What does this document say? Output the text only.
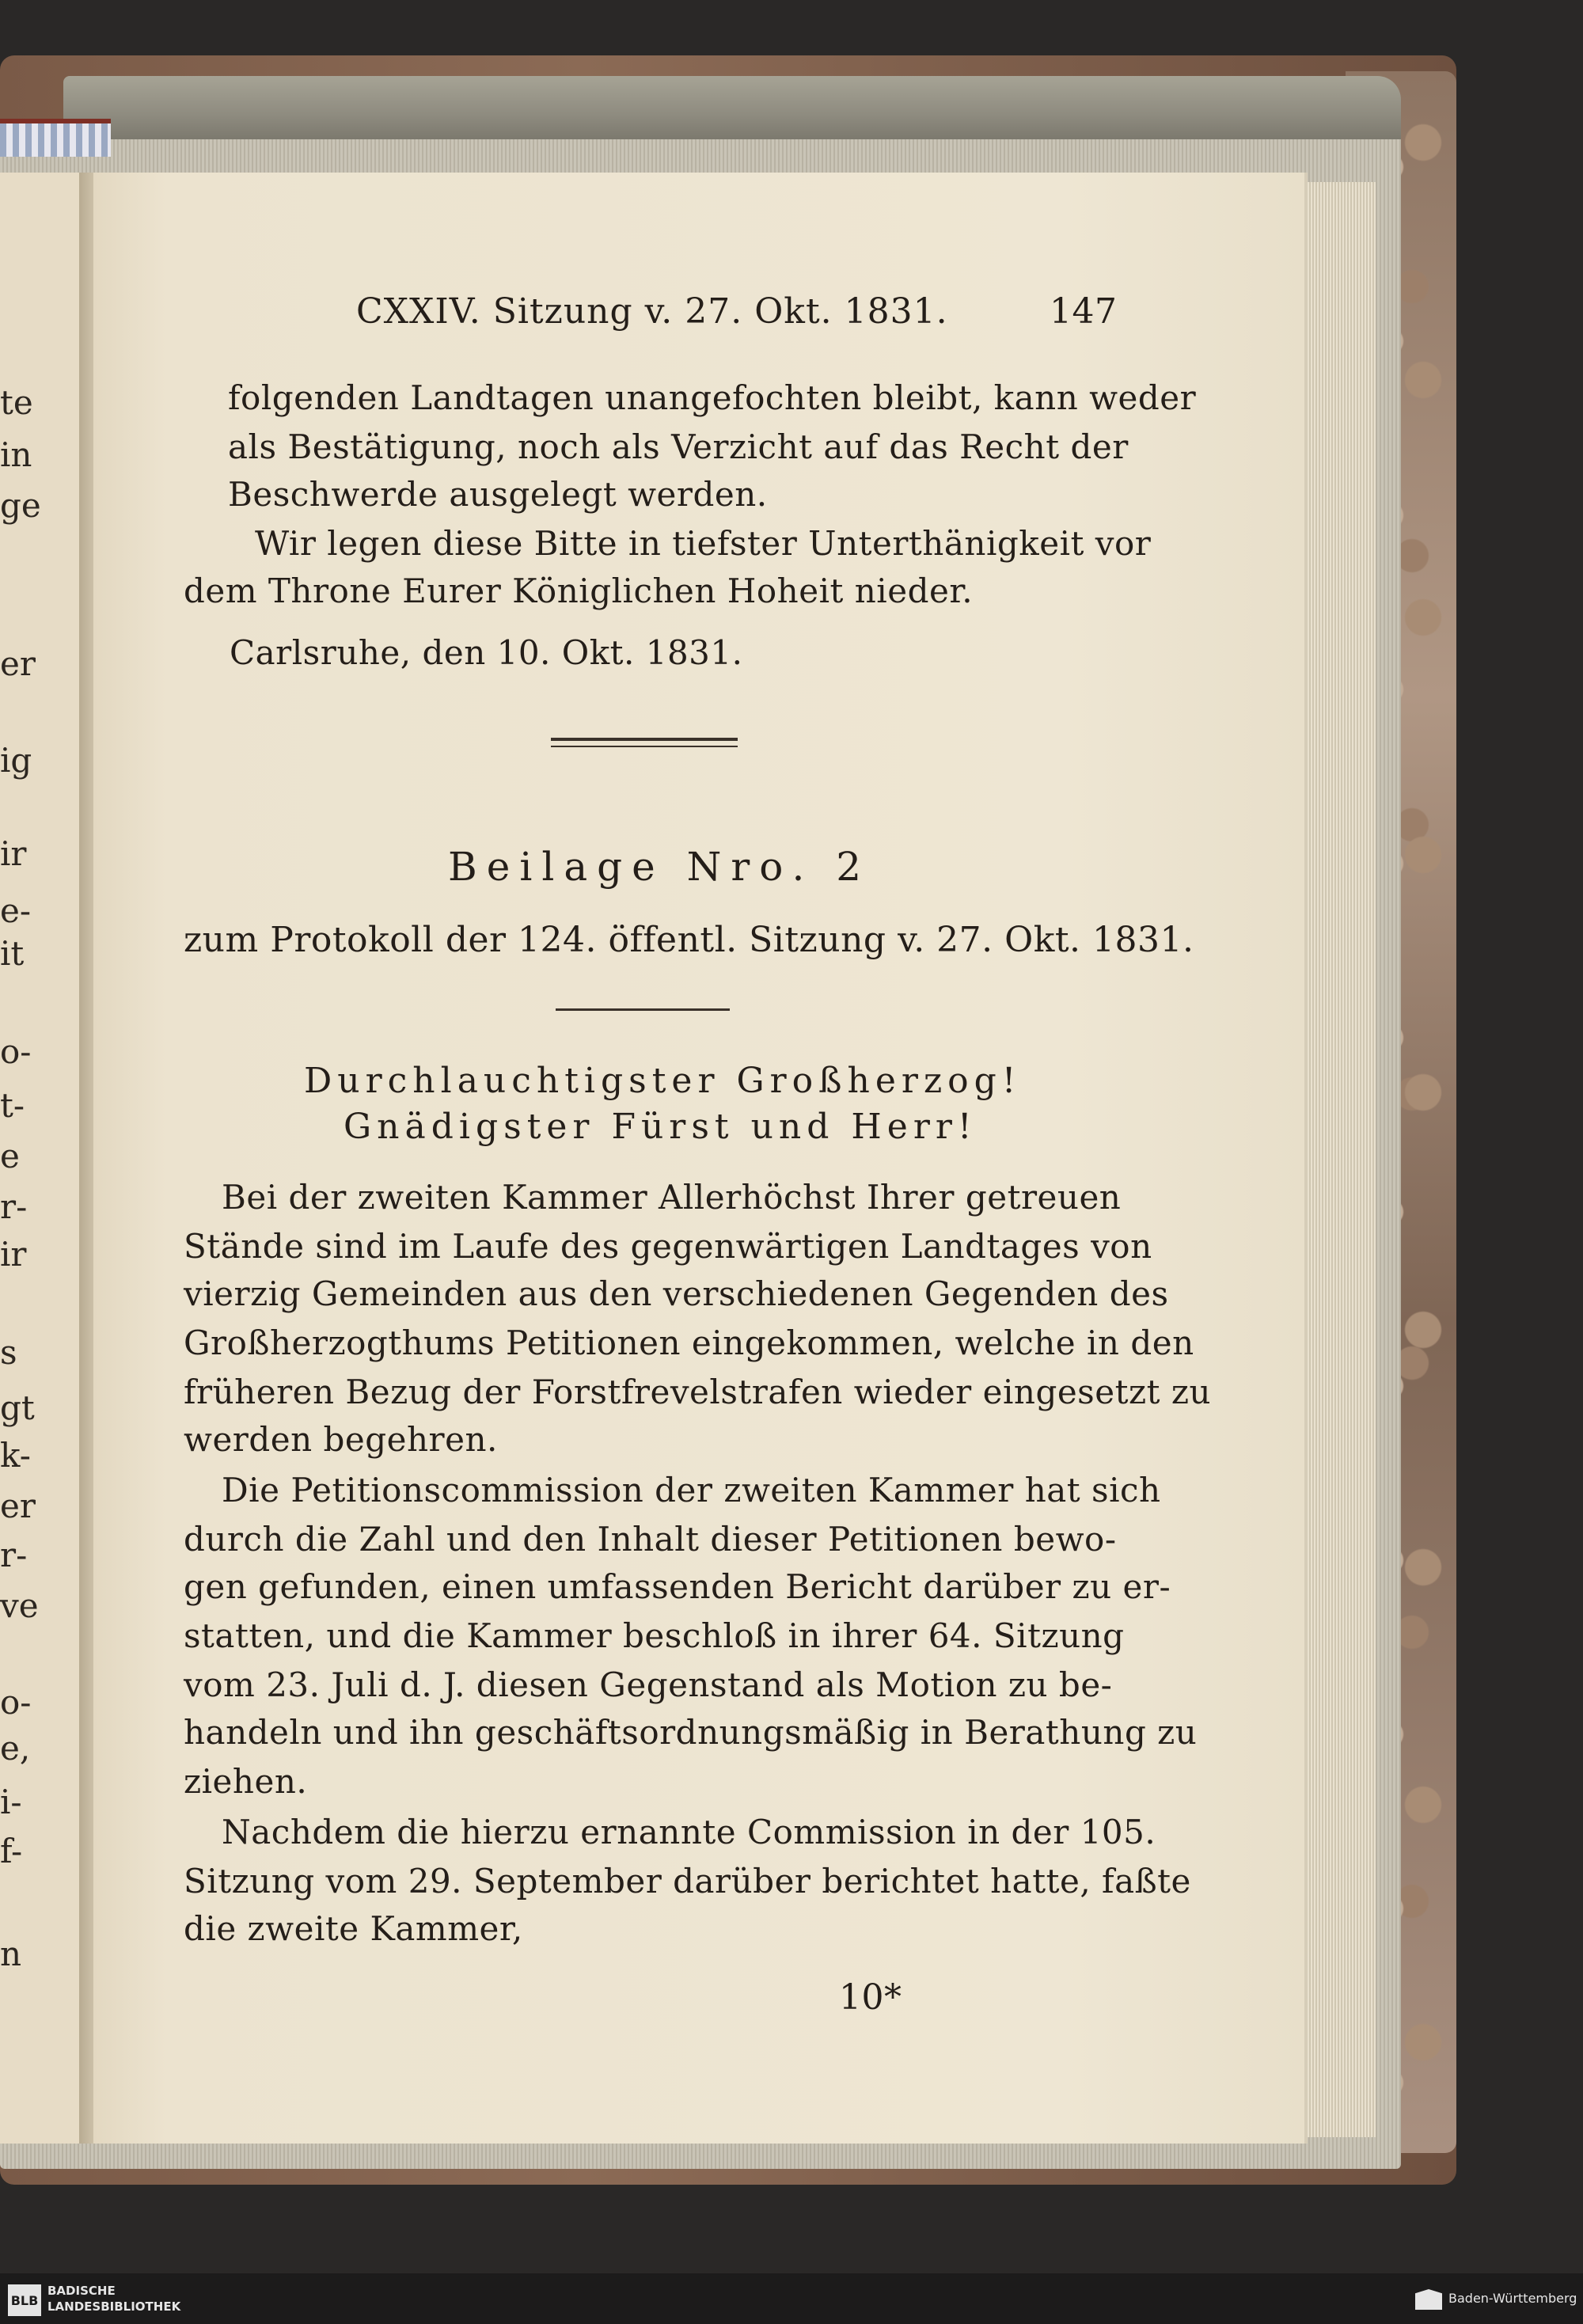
te
in
ge
er
ig
ir
e-
it
o-
t-
e
r-
ir
s
gt
k-
er
r-
ve
o-
e,
i-
f-
n
CXXIV. Sitzung v. 27. Okt. 1831.	147
folgenden Landtagen unangefochten bleibt, kann weder
als Bestätigung, noch als Verzicht auf das Recht der
Beschwerde ausgelegt werden.
Wir legen diese Bitte in tiefster Unterthänigkeit vor
dem Throne Eurer Königlichen Hoheit nieder.
Carlsruhe, den 10. Okt. 1831.
Beilage Nro. 2
zum Protokoll der 124. öffentl. Sitzung v. 27. Okt. 1831.
Durchlauchtigster Großherzog!
Gnädigster Fürst und Herr!
Bei der zweiten Kammer Allerhöchst Ihrer getreuen
Stände sind im Laufe des gegenwärtigen Landtages von
vierzig Gemeinden aus den verschiedenen Gegenden des
Großherzogthums Petitionen eingekommen, welche in den
früheren Bezug der Forstfrevelstrafen wieder eingesetzt zu
werden begehren.
Die Petitionscommission der zweiten Kammer hat sich
durch die Zahl und den Inhalt dieser Petitionen bewo-
gen gefunden, einen umfassenden Bericht darüber zu er-
statten, und die Kammer beschloß in ihrer 64. Sitzung
vom 23. Juli d. J. diesen Gegenstand als Motion zu be-
handeln und ihn geschäftsordnungsmäßig in Berathung zu
ziehen.
Nachdem die hierzu ernannte Commission in der 105.
Sitzung vom 29. September darüber berichtet hatte, faßte
die zweite Kammer,
10*
BLB
BADISCHE
LANDESBIBLIOTHEK
Baden-Württemberg
